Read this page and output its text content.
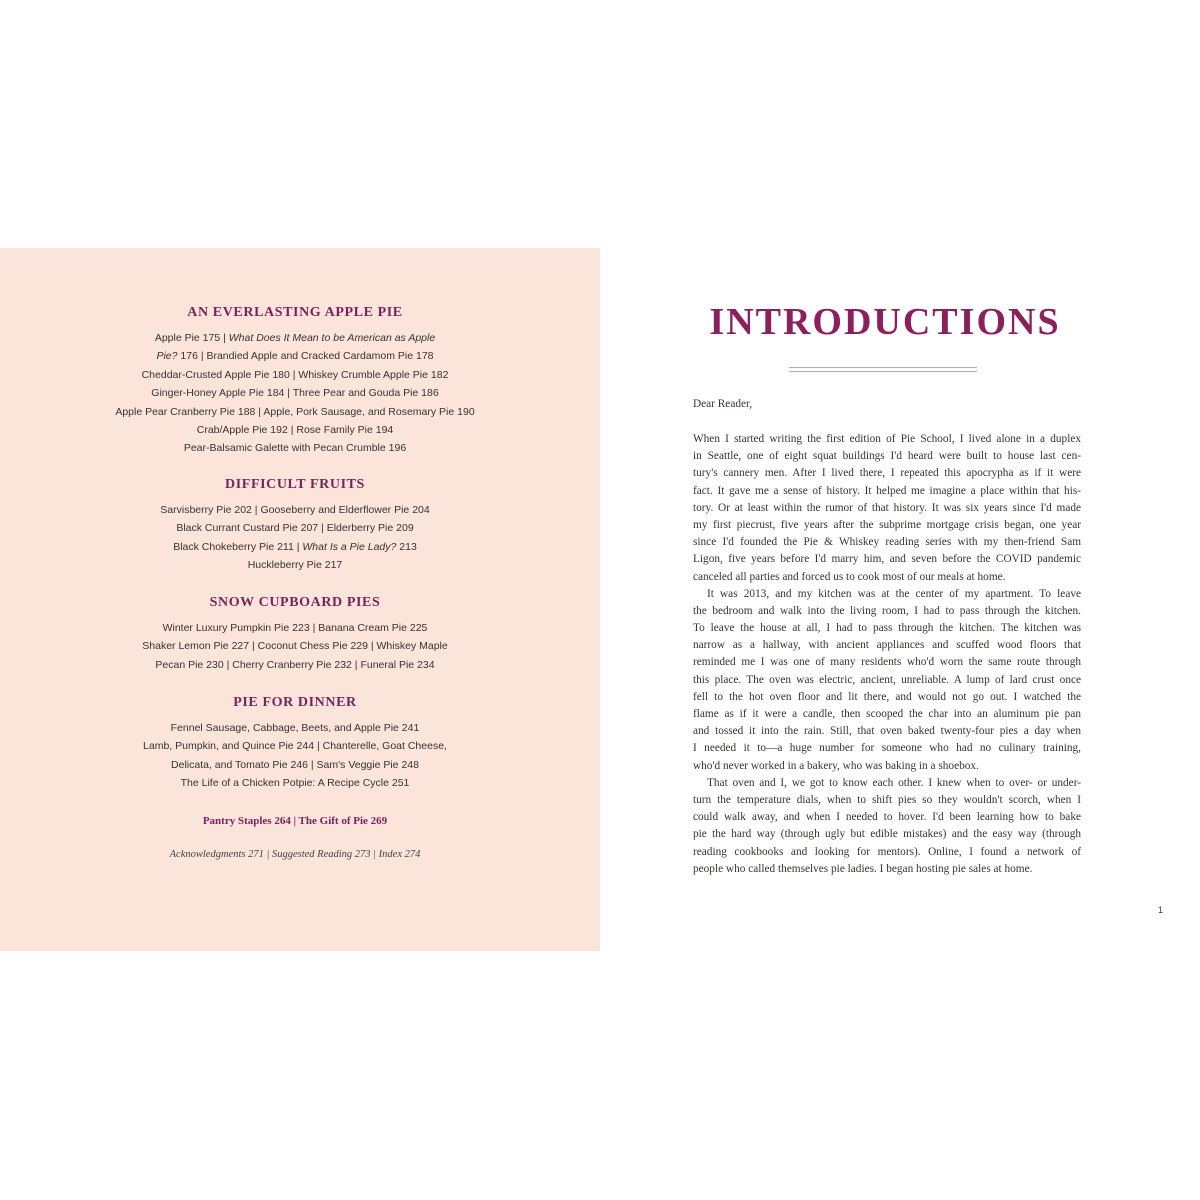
AN EVERLASTING APPLE PIE
Apple Pie 175 | What Does It Mean to be American as Apple
Pie? 176 | Brandied Apple and Cracked Cardamom Pie 178
Cheddar-Crusted Apple Pie 180 | Whiskey Crumble Apple Pie 182
Ginger-Honey Apple Pie 184 | Three Pear and Gouda Pie 186
Apple Pear Cranberry Pie 188 | Apple, Pork Sausage, and Rosemary Pie 190
Crab/Apple Pie 192 | Rose Family Pie 194
Pear-Balsamic Galette with Pecan Crumble 196
DIFFICULT FRUITS
Sarvisberry Pie 202 | Gooseberry and Elderflower Pie 204
Black Currant Custard Pie 207 | Elderberry Pie 209
Black Chokeberry Pie 211 | What Is a Pie Lady? 213
Huckleberry Pie 217
SNOW CUPBOARD PIES
Winter Luxury Pumpkin Pie 223 | Banana Cream Pie 225
Shaker Lemon Pie 227 | Coconut Chess Pie 229 | Whiskey Maple
Pecan Pie 230 | Cherry Cranberry Pie 232 | Funeral Pie 234
PIE FOR DINNER
Fennel Sausage, Cabbage, Beets, and Apple Pie 241
Lamb, Pumpkin, and Quince Pie 244 | Chanterelle, Goat Cheese,
Delicata, and Tomato Pie 246 | Sam's Veggie Pie 248
The Life of a Chicken Potpie: A Recipe Cycle 251
Pantry Staples 264 | The Gift of Pie 269
Acknowledgments 271 | Suggested Reading 273 | Index 274
INTRODUCTIONS

Dear Reader,

When I started writing the first edition of Pie School, I lived alone in a duplex
in Seattle, one of eight squat buildings I'd heard were built to house last cen-
tury's cannery men. After I lived there, I repeated this apocrypha as if it were
fact. It gave me a sense of history. It helped me imagine a place within that his-
tory. Or at least within the rumor of that history. It was six years since I'd made
my first piecrust, five years after the subprime mortgage crisis began, one year
since I'd founded the Pie & Whiskey reading series with my then-friend Sam
Ligon, five years before I'd marry him, and seven before the COVID pandemic
canceled all parties and forced us to cook most of our meals at home.
It was 2013, and my kitchen was at the center of my apartment. To leave
the bedroom and walk into the living room, I had to pass through the kitchen.
To leave the house at all, I had to pass through the kitchen. The kitchen was
narrow as a hallway, with ancient appliances and scuffed wood floors that
reminded me I was one of many residents who'd worn the same route through
this place. The oven was electric, ancient, unreliable. A lump of lard crust once
fell to the hot oven floor and lit there, and would not go out. I watched the
flame as if it were a candle, then scooped the char into an aluminum pie pan
and tossed it into the rain. Still, that oven baked twenty-four pies a day when
I needed it to—a huge number for someone who had no culinary training,
who'd never worked in a bakery, who was baking in a shoebox.
That oven and I, we got to know each other. I knew when to over- or under-
turn the temperature dials, when to shift pies so they wouldn't scorch, when I
could walk away, and when I needed to hover. I'd been learning how to bake
pie the hard way (through ugly but edible mistakes) and the easy way (through
reading cookbooks and looking for mentors). Online, I found a network of
people who called themselves pie ladies. I began hosting pie sales at home.
1
